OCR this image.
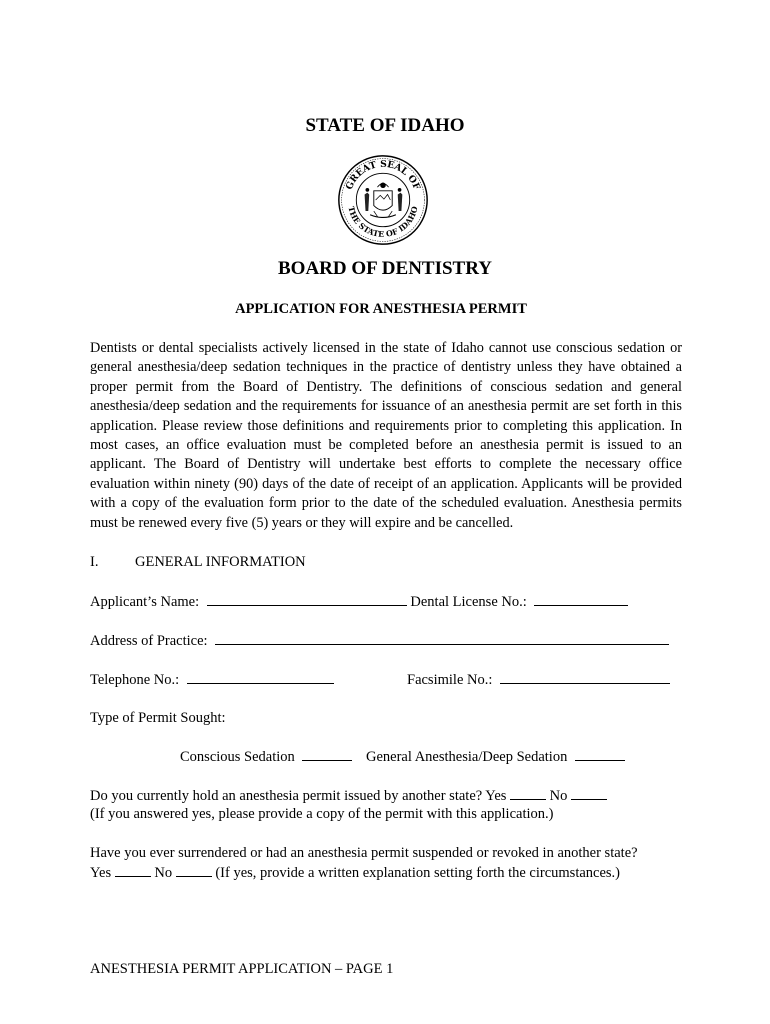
STATE OF IDAHO
GREAT SEAL OF
THE STATE OF IDAHO
BOARD OF DENTISTRY
APPLICATION FOR ANESTHESIA PERMIT
Dentists or dental specialists actively licensed in the state of Idaho cannot use conscious sedation or general anesthesia/deep sedation techniques in the practice of dentistry unless they have obtained a proper permit from the Board of Dentistry. The definitions of conscious sedation and general anesthesia/deep sedation and the requirements for issuance of an anesthesia permit are set forth in this application. Please review those definitions and requirements prior to completing this application. In most cases, an office evaluation must be completed before an anesthesia permit is issued to an applicant. The Board of Dentistry will undertake best efforts to complete the necessary office evaluation within ninety (90) days of the date of receipt of an application. Applicants will be provided with a copy of the evaluation form prior to the date of the scheduled evaluation. Anesthesia permits must be renewed every five (5) years or they will expire and be cancelled.
I.	GENERAL INFORMATION
Applicant’s Name:	Dental License No.:
Address of Practice:
Telephone No.:	Facsimile No.:
Type of Permit Sought:
Conscious Sedation	General Anesthesia/Deep Sedation
Do you currently hold an anesthesia permit issued by another state? Yes	No
(If you answered yes, please provide a copy of the permit with this application.)
Have you ever surrendered or had an anesthesia permit suspended or revoked in another state?
Yes	No	(If yes, provide a written explanation setting forth the circumstances.)
ANESTHESIA PERMIT APPLICATION – PAGE 1
